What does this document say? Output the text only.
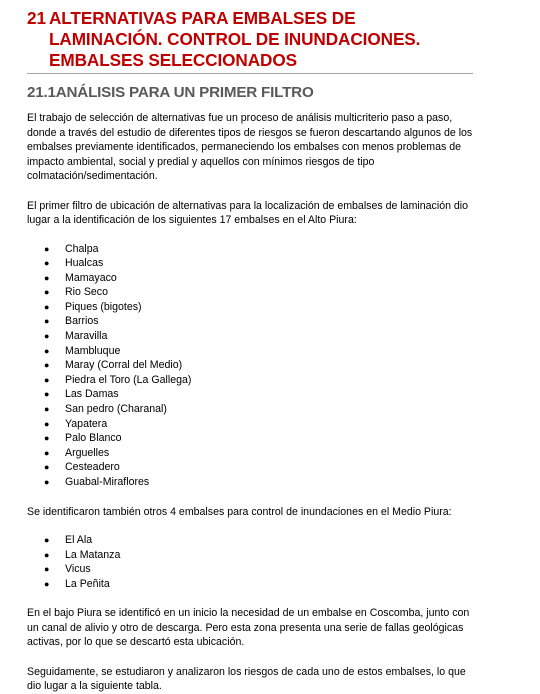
21 ALTERNATIVAS PARA EMBALSES DE LAMINACIÓN. CONTROL DE INUNDACIONES. EMBALSES SELECCIONADOS
21.1ANÁLISIS PARA UN PRIMER FILTRO

El trabajo de selección de alternativas fue un proceso de análisis multicriterio paso a paso, donde a través del estudio de diferentes tipos de riesgos se fueron descartando algunos de los embalses previamente identificados, permaneciendo los embalses con menos problemas de impacto ambiental, social y predial y aquellos con mínimos riesgos de tipo colmatación/sedimentación.

El primer filtro de ubicación de alternativas para la localización de embalses de laminación dio lugar a la identificación de los siguientes 17 embalses en el Alto Piura:

● Chalpa
● Hualcas
● Mamayaco
● Rio Seco
● Piques (bigotes)
● Barrios
● Maravilla
● Mambluque
● Maray (Corral del Medio)
● Piedra el Toro (La Gallega)
● Las Damas
● San pedro (Charanal)
● Yapatera
● Palo Blanco
● Arguelles
● Cesteadero
● Guabal-Miraflores

Se identificaron también otros 4 embalses para control de inundaciones en el Medio Piura:

● El Ala
● La Matanza
● Vicus
● La Peñita

En el bajo Piura se identificó en un inicio la necesidad de un embalse en Coscomba, junto con un canal de alivio y otro de descarga. Pero esta zona presenta una serie de fallas geológicas activas, por lo que se descartó esta ubicación.

Seguidamente, se estudiaron y analizaron los riesgos de cada uno de estos embalses, lo que dio lugar a la siguiente tabla.
